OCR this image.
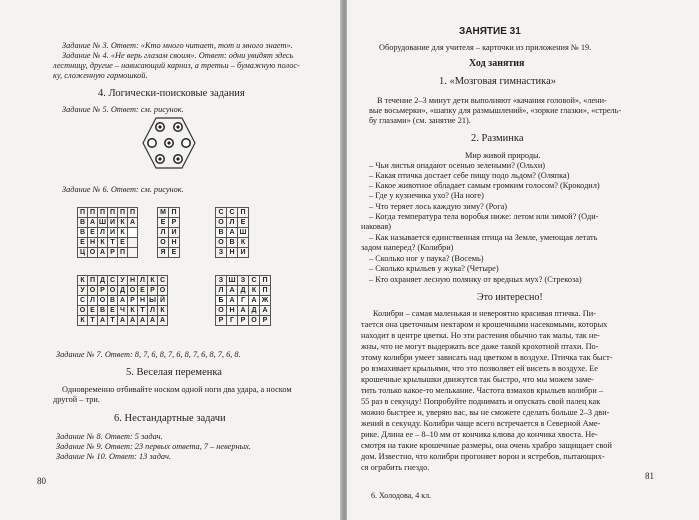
Задание № 3. Ответ: «Кто много читает, тот и много знает».
Задание № 4. «Не верь глазам своим». Ответ: одни увидят здесь
лестницу, другие – нависающий карниз, а третьи – бумажную полос-
ку, сложенную гармошкой.
4. Логически-поисковые задания
Задание № 5. Ответ: см. рисунок.
Задание № 6. Ответ: см. рисунок.
П П П П П П
В А Ш И К А
В Е Л И К
Е Н К Т Е
Ц О А Р П
М П
Е Р
Л И
О Н
Я Е
С С П
О Л Е
В А Ш
О В К
З Н И
К П Д С У Н Л К С
У О Р О Д О Е Р О
С Л О В А Р Н Ы Й
О Е В Е Ч К Т Л К
К Т А Т А А А А А
З Ш З С П
Л А Д К П
Б А Г А Ж
О Н А Д А
Р Г Р О Р
Задание № 7. Ответ: 8, 7, 6, 8, 7, 6, 8, 7, 6, 8, 7, 6, 8.
5. Веселая переменка
Одновременно отбивайте носком одной ноги два удара, а носком
другой – три.
6. Нестандартные задачи
Задание № 8. Ответ: 5 задач.
Задание № 9. Ответ: 23 первых ответа, 7 – неверных.
Задание № 10. Ответ: 13 задач.
80
ЗАНЯТИЕ 31
Оборудование для учителя – карточки из приложения № 19.
Ход занятия
1. «Мозговая гимнастика»
В течение 2–3 минут дети выполняют «качания головой», «лени-
вые восьмерки», «шапку для размышлений», «зоркие глазки», «стрель-
бу глазами» (см. занятие 21).
2. Разминка
Мир живой природы.
– Чьи листья опадают осенью зелеными? (Ольхи)
– Какая птичка достает себе пищу подо льдом? (Оляпка)
– Какое животное обладает самым громким голосом? (Крокодил)
– Где у кузнечика ухо? (На ноге)
– Что теряет лось каждую зиму? (Рога)
– Когда температура тела воробья ниже: летом или зимой? (Оди-
наковая)
– Как называется единственная птица на Земле, умеющая летать
задом наперед? (Колибри)
– Сколько ног у паука? (Восемь)
– Сколько крыльев у жука? (Четыре)
– Кто охраняет лесную полянку от вредных мух? (Стрекоза)
Это интересно!
Колибри – самая маленькая и невероятно красивая птичка. Пи-
тается она цветочным нектаром и крошечными насекомыми, которых
находит в центре цветка. Но эти растения обычно так малы, так не-
жны, что не могут выдержать все даже такой крохотной птахи. По-
этому колибри умеет зависать над цветком в воздухе. Птичка так быст-
ро взмахивает крыльями, что это позволяет ей висеть в воздухе. Ее
крошечные крылышки движутся так быстро, что мы можем заме-
тить только какое-то мелькание. Частота взмахов крыльев колибри –
55 раз в секунду! Попробуйте поднимать и опускать свой палец как
можно быстрее и, уверяю вас, вы не сможете сделать больше 2–3 дви-
жений в секунду. Колибри чаще всего встречается в Северной Аме-
рике. Длина ее – 8–10 мм от кончика клюва до кончика хвоста. Не-
смотря на такие крошечные размеры, она очень храбро защищает свой
дом. Известно, что колибри прогоняет ворон и ястребов, пытающих-
ся ограбить гнездо.
6. Холодова, 4 кл.
81
